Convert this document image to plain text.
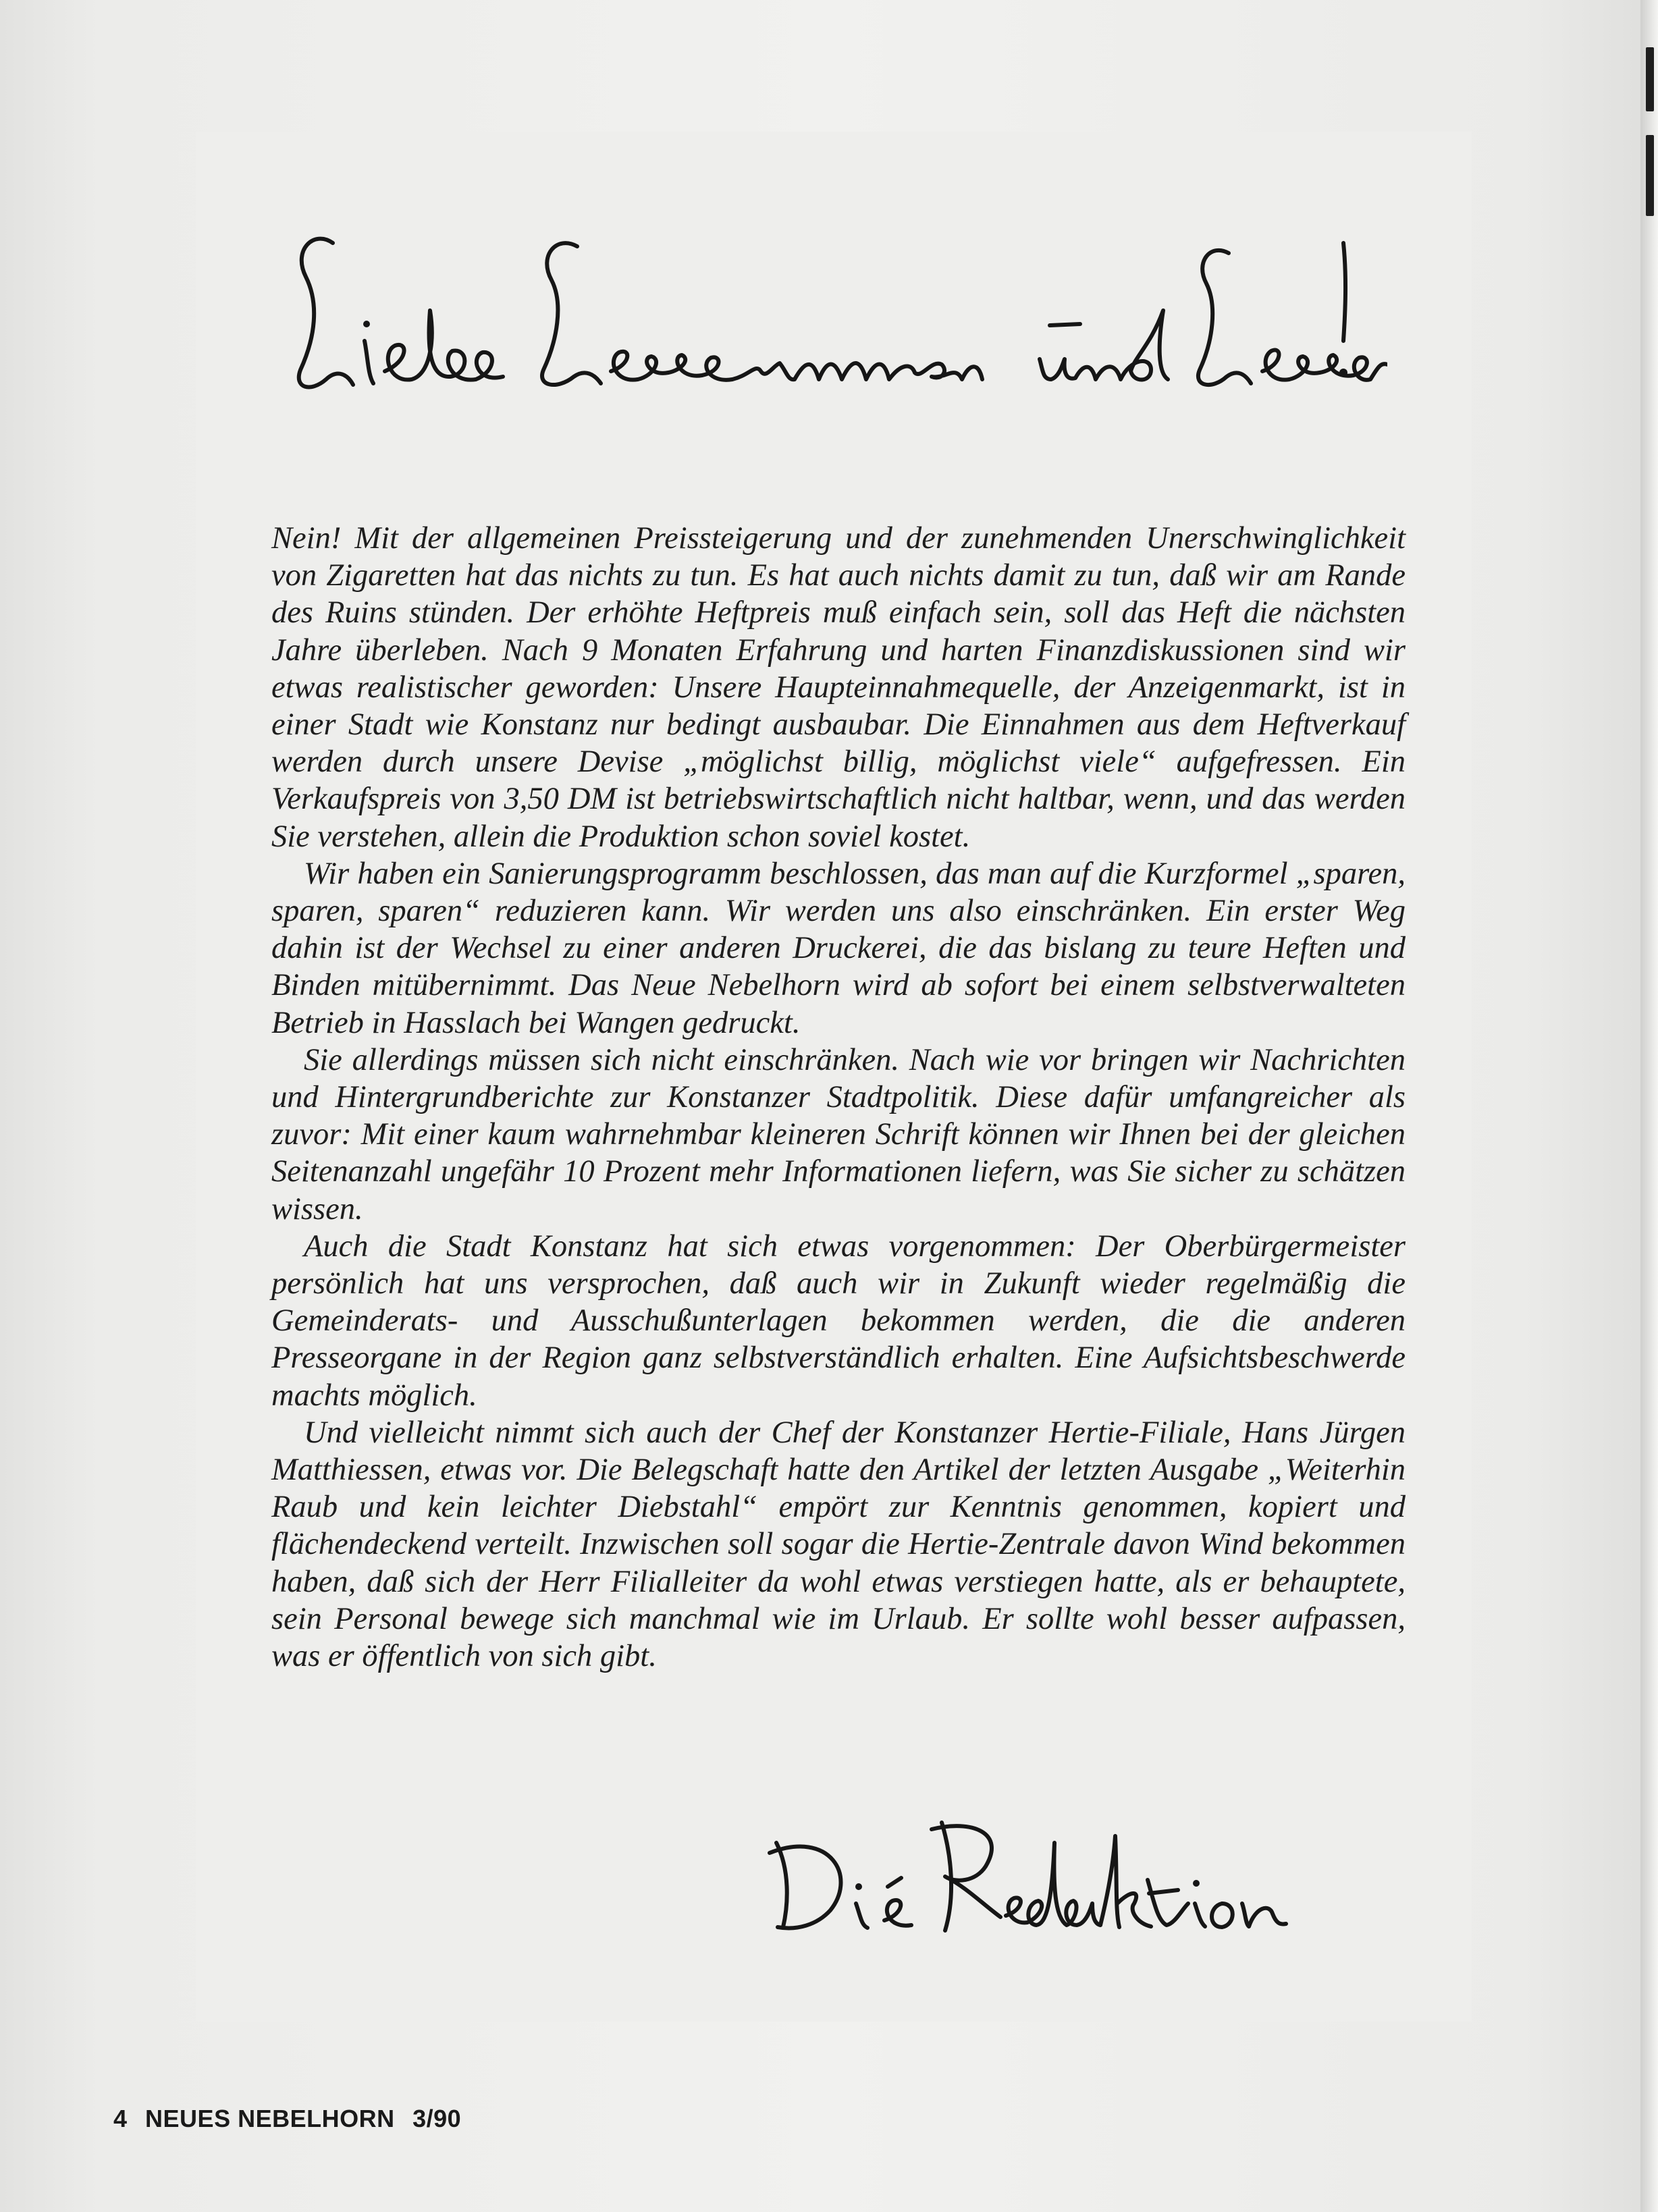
Nein! Mit der allgemeinen Preissteigerung und der zunehmenden Unerschwinglichkeit von Zigaretten hat das nichts zu tun. Es hat auch nichts damit zu tun, daß wir am Rande des Ruins stünden. Der erhöhte Heftpreis muß einfach sein, soll das Heft die nächsten Jahre überleben. Nach 9 Monaten Erfahrung und harten Finanzdiskussionen sind wir etwas realistischer geworden: Unsere Haupteinnahmequelle, der Anzeigenmarkt, ist in einer Stadt wie Konstanz nur bedingt ausbaubar. Die Einnahmen aus dem Heftverkauf werden durch unsere Devise „möglichst billig, möglichst viele“ aufgefressen. Ein Verkaufspreis von 3,50 DM ist betriebswirtschaftlich nicht haltbar, wenn, und das werden Sie verstehen, allein die Produktion schon soviel kostet.

Wir haben ein Sanierungsprogramm beschlossen, das man auf die Kurzformel „sparen, sparen, sparen“ reduzieren kann. Wir werden uns also einschränken. Ein erster Weg dahin ist der Wechsel zu einer anderen Druckerei, die das bislang zu teure Heften und Binden mitübernimmt. Das Neue Nebelhorn wird ab sofort bei einem selbstverwalteten Betrieb in Hasslach bei Wangen gedruckt.

Sie allerdings müssen sich nicht einschränken. Nach wie vor bringen wir Nachrichten und Hintergrundberichte zur Konstanzer Stadtpolitik. Diese dafür umfangreicher als zuvor: Mit einer kaum wahrnehmbar kleineren Schrift können wir Ihnen bei der gleichen Seitenanzahl ungefähr 10 Prozent mehr Informationen liefern, was Sie sicher zu schätzen wissen.

Auch die Stadt Konstanz hat sich etwas vorgenommen: Der Oberbürgermeister persönlich hat uns versprochen, daß auch wir in Zukunft wieder regelmäßig die Gemeinderats- und Ausschußunterlagen bekommen werden, die die anderen Presseorgane in der Region ganz selbstverständlich erhalten. Eine Aufsichtsbeschwerde machts möglich.

Und vielleicht nimmt sich auch der Chef der Konstanzer Hertie-Filiale, Hans Jürgen Matthiessen, etwas vor. Die Belegschaft hatte den Artikel der letzten Ausgabe „Weiterhin Raub und kein leichter Diebstahl“ empört zur Kenntnis genommen, kopiert und flächendeckend verteilt. Inzwischen soll sogar die Hertie-Zentrale davon Wind bekommen haben, daß sich der Herr Filialleiter da wohl etwas verstiegen hatte, als er behauptete, sein Personal bewege sich manchmal wie im Urlaub. Er sollte wohl besser aufpassen, was er öffentlich von sich gibt.

4 NEUES NEBELHORN 3/90
